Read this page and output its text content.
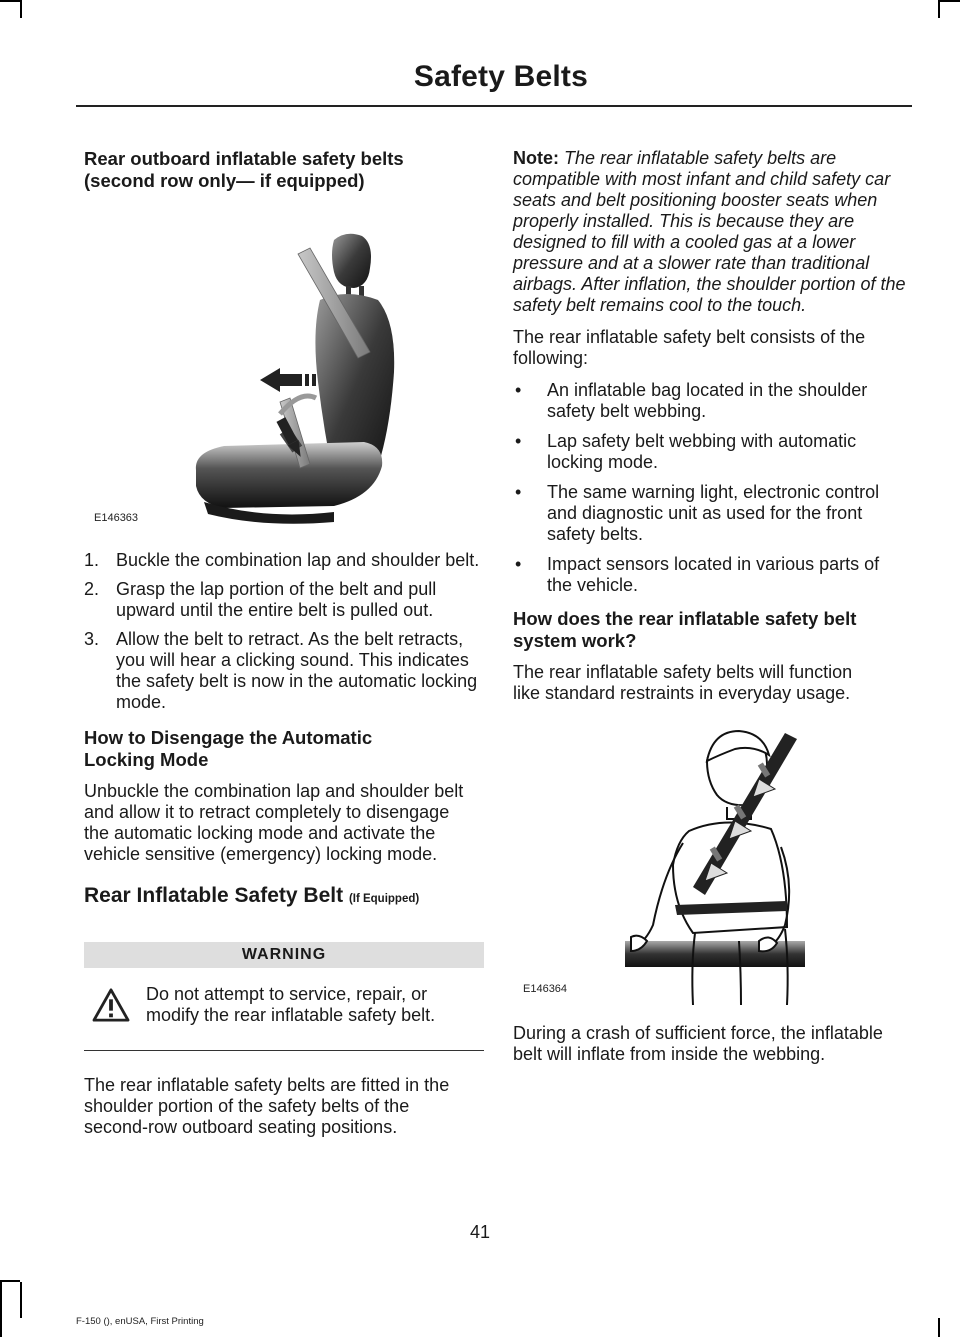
Safety Belts
Rear outboard inflatable safety belts (second row only— if equipped)
E146363
1. Buckle the combination lap and shoulder belt.
2. Grasp the lap portion of the belt and pull upward until the entire belt is pulled out.
3. Allow the belt to retract. As the belt retracts, you will hear a clicking sound. This indicates the safety belt is now in the automatic locking mode.
How to Disengage the Automatic Locking Mode

Unbuckle the combination lap and shoulder belt and allow it to retract completely to disengage the automatic locking mode and activate the vehicle sensitive (emergency) locking mode.

Rear Inflatable Safety Belt (If Equipped)
WARNING

Do not attempt to service, repair, or modify the rear inflatable safety belt.

The rear inflatable safety belts are fitted in the shoulder portion of the safety belts of the second-row outboard seating positions.

Note: The rear inflatable safety belts are compatible with most infant and child safety car seats and belt positioning booster seats when properly installed. This is because they are designed to fill with a cooled gas at a lower pressure and at a slower rate than traditional airbags. After inflation, the shoulder portion of the safety belt remains cool to the touch.

The rear inflatable safety belt consists of the following:

• An inflatable bag located in the shoulder safety belt webbing.
• Lap safety belt webbing with automatic locking mode.
• The same warning light, electronic control and diagnostic unit as used for the front safety belts.
• Impact sensors located in various parts of the vehicle.
How does the rear inflatable safety belt system work?

The rear inflatable safety belts will function like standard restraints in everyday usage.

E146364

During a crash of sufficient force, the inflatable belt will inflate from inside the webbing.

41
F-150 (), enUSA, First Printing
